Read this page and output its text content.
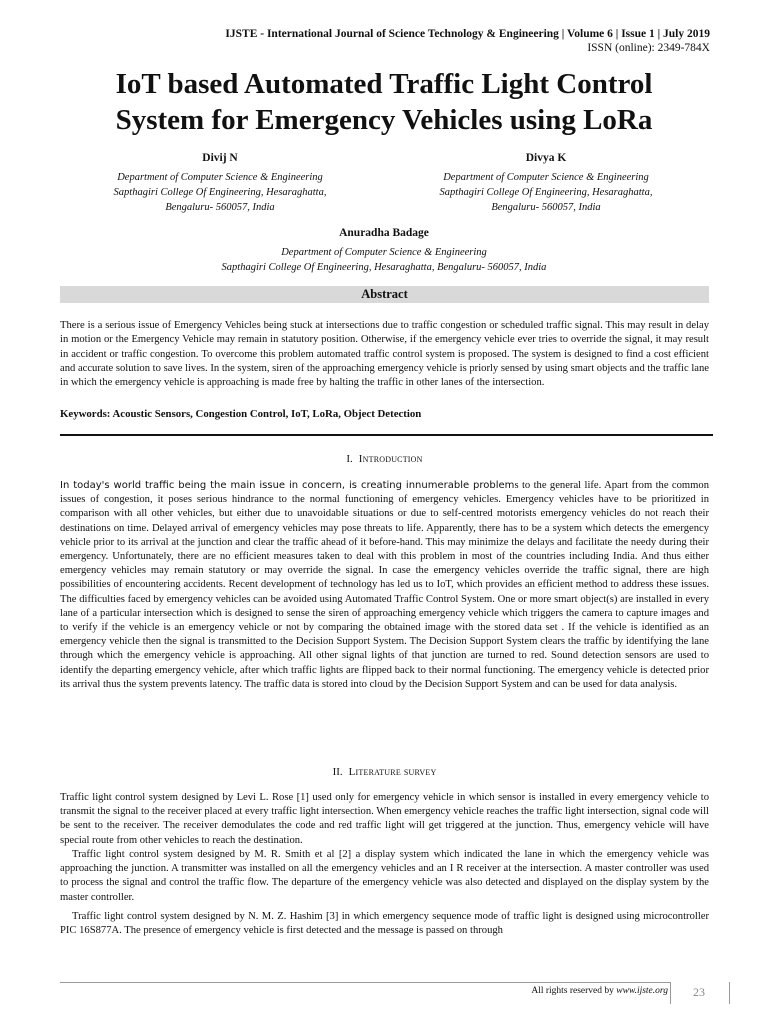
IJSTE - International Journal of Science Technology & Engineering | Volume 6 | Issue 1 | July 2019
ISSN (online): 2349-784X
IoT based Automated Traffic Light Control
System for Emergency Vehicles using LoRa
Divij N
Department of Computer Science & Engineering
Sapthagiri College Of Engineering, Hesaraghatta,
Bengaluru- 560057, India
Divya K
Department of Computer Science & Engineering
Sapthagiri College Of Engineering, Hesaraghatta,
Bengaluru- 560057, India
Anuradha Badage
Department of Computer Science & Engineering
Sapthagiri College Of Engineering, Hesaraghatta, Bengaluru- 560057, India
Abstract

There is a serious issue of Emergency Vehicles being stuck at intersections due to traffic congestion or scheduled traffic signal. This may result in delay in motion or the Emergency Vehicle may remain in statutory position. Otherwise, if the emergency vehicle ever tries to override the signal, it may result in accident or traffic congestion. To overcome this problem automated traffic control system is proposed. The system is designed to find a cost efficient and accurate solution to save lives. In the system, siren of the approaching emergency vehicle is priorly sensed by using smart objects and the traffic lane in which the emergency vehicle is approaching is made free by halting the traffic in other lanes of the intersection.

Keywords: Acoustic Sensors, Congestion Control, IoT, LoRa, Object Detection

I. Introduction

In today's world traffic being the main issue in concern, is creating innumerable problems to the general life. Apart from the common issues of congestion, it poses serious hindrance to the normal functioning of emergency vehicles. Emergency vehicles have to be prioritized in comparison with all other vehicles, but either due to unavoidable situations or due to self-centred motorists emergency vehicles do not reach their destinations on time. Delayed arrival of emergency vehicles may pose threats to life. Apparently, there has to be a system which detects the emergency vehicle prior to its arrival at the junction and clear the traffic ahead of it before-hand. This may minimize the delays and facilitate the needy during their emergency. Unfortunately, there are no efficient measures taken to deal with this problem in most of the countries including India. And thus either emergency vehicles may remain statutory or may override the signal. In case the emergency vehicles override the traffic signal, there are high possibilities of encountering accidents. Recent development of technology has led us to IoT, which provides an efficient method to address these issues. The difficulties faced by emergency vehicles can be avoided using Automated Traffic Control System. One or more smart object(s) are installed in every lane of a particular intersection which is designed to sense the siren of approaching emergency vehicle which triggers the camera to capture images and to verify if the vehicle is an emergency vehicle or not by comparing the obtained image with the stored data set . If the vehicle is identified as an emergency vehicle then the signal is transmitted to the Decision Support System. The Decision Support System clears the traffic by identifying the lane through which the emergency vehicle is approaching. All other signal lights of that junction are turned to red. Sound detection sensors are used to identify the departing emergency vehicle, after which traffic lights are flipped back to their normal functioning. The emergency vehicle is detected prior its arrival thus the system prevents latency. The traffic data is stored into cloud by the Decision Support System and can be used for data analysis.

II. Literature survey

Traffic light control system designed by Levi L. Rose [1] used only for emergency vehicle in which sensor is installed in every emergency vehicle to transmit the signal to the receiver placed at every traffic light intersection. When emergency vehicle reaches the traffic light intersection, signal code will be sent to the receiver. The receiver demodulates the code and red traffic light will get triggered at the junction. Thus, emergency vehicle will have special route from other vehicles to reach the destination.

Traffic light control system designed by M. R. Smith et al [2] a display system which indicated the lane in which the emergency vehicle was approaching the junction. A transmitter was installed on all the emergency vehicles and an I R receiver at the intersection. A master controller was used to process the signal and control the traffic flow. The departure of the emergency vehicle was also detected and displayed on the display system by the master controller.

Traffic light control system designed by N. M. Z. Hashim [3] in which emergency sequence mode of traffic light is designed using microcontroller PIC 16S877A. The presence of emergency vehicle is first detected and the message is passed on through

All rights reserved by www.ijste.org	23
